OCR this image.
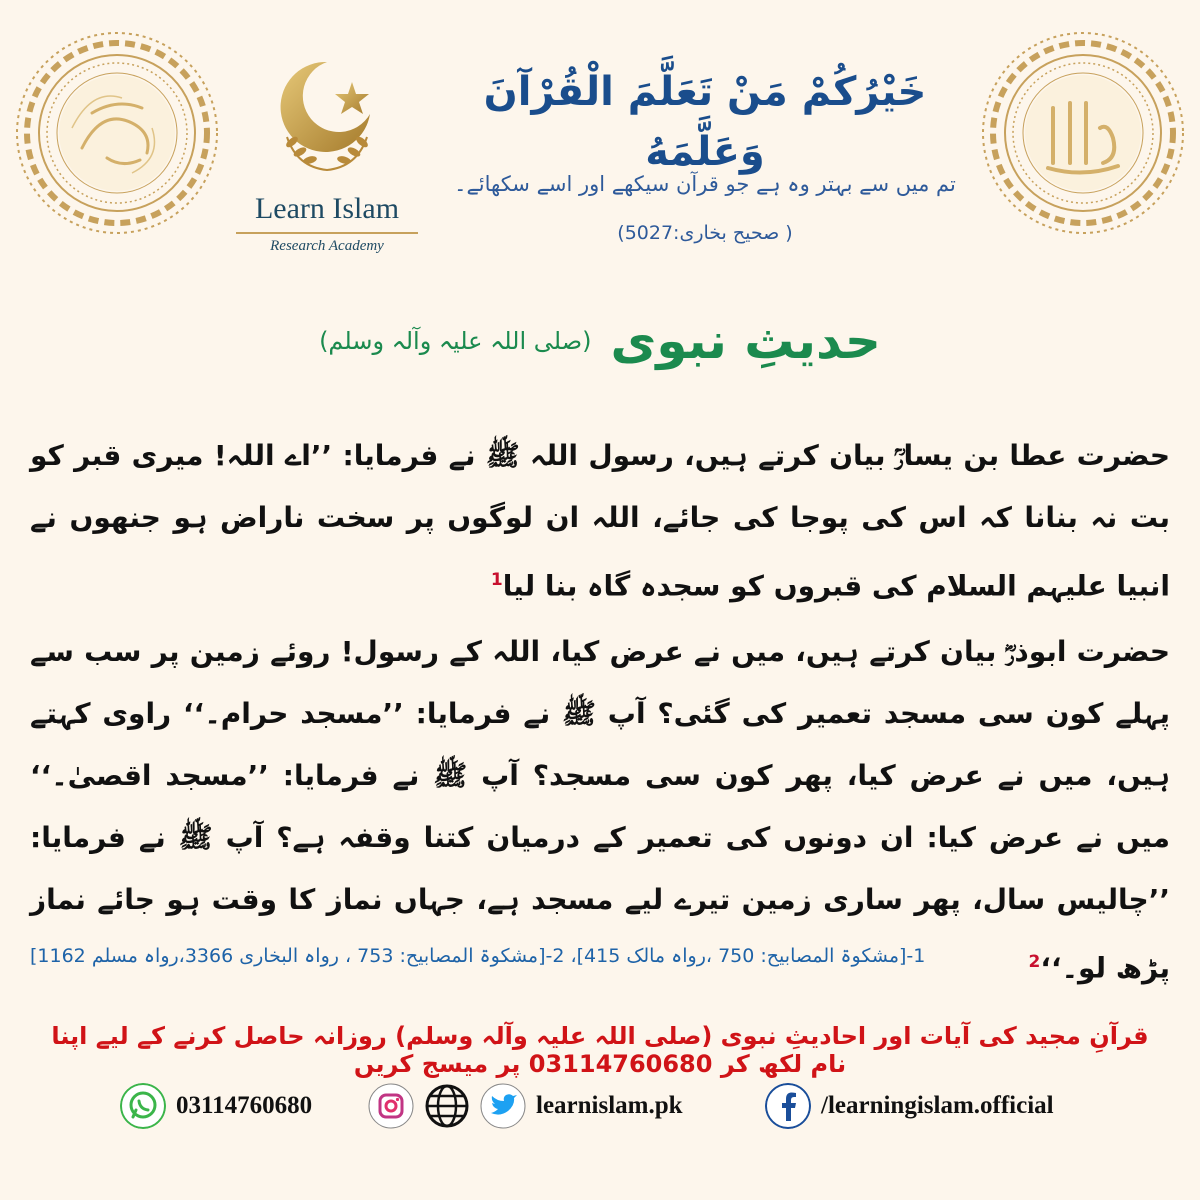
Learn Islam
Research Academy
خَيْرُكُمْ مَنْ تَعَلَّمَ الْقُرْآنَ وَعَلَّمَهُ
تم میں سے بہتر وہ ہے جو قرآن سیکھے اور اسے سکھائے۔
( صحیح بخاری:5027)
حدیثِ نبوی (صلی اللہ علیہ وآلہ وسلم)
حضرت عطا بن یسارؒ بیان کرتے ہیں، رسول اللہ ﷺ نے فرمایا: ’’اے اللہ! میری قبر کو بت نہ بنانا کہ اس کی پوجا کی جائے، اللہ ان لوگوں پر سخت ناراض ہو جنھوں نے انبیا علیہم السلام کی قبروں کو سجدہ گاہ بنا لیا$^1$
حضرت ابوذرؓ بیان کرتے ہیں، میں نے عرض کیا، اللہ کے رسول! روئے زمین پر سب سے پہلے کون سی مسجد تعمیر کی گئی؟ آپ ﷺ نے فرمایا: ’’مسجد حرام۔‘‘ راوی کہتے ہیں، میں نے عرض کیا، پھر کون سی مسجد؟ آپ ﷺ نے فرمایا: ’’مسجد اقصیٰ۔‘‘ میں نے عرض کیا: ان دونوں کی تعمیر کے درمیان کتنا وقفہ ہے؟ آپ ﷺ نے فرمایا: ’’چالیس سال، پھر ساری زمین تیرے لیے مسجد ہے، جہاں نماز کا وقت ہو جائے نماز پڑھ لو۔‘‘$^2$
1-[مشکوۃ المصابیح: 750 ،رواہ مالک 415]، 2-[مشکوۃ المصابیح: 753 ، رواہ البخاری 3366،رواہ مسلم 1162]
قرآنِ مجید کی آیات اور احادیثِ نبوی (صلی اللہ علیہ وآلہ وسلم) روزانہ حاصل کرنے کے لیے اپنا نام لکھ کر 03114760680 پر میسج کریں
03114760680	learnislam.pk	/learningislam.official
